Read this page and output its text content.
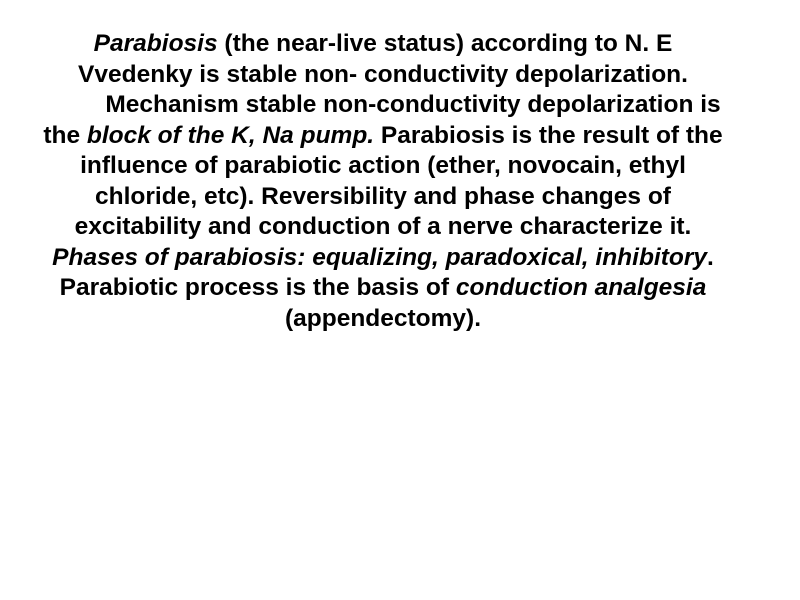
Parabiosis (the near-live status) according to N. E Vvedenky is stable non- conductivity depolarization.

Mechanism stable non-conductivity depolarization is the block of the K, Na pump. Parabiosis is the result of the influence of parabiotic action (ether, novocain, ethyl chloride, etc). Reversibility and phase changes of excitability and conduction of a nerve characterize it. Phases of parabiosis: equalizing, paradoxical, inhibitory. Parabiotic process is the basis of conduction analgesia (appendectomy).
